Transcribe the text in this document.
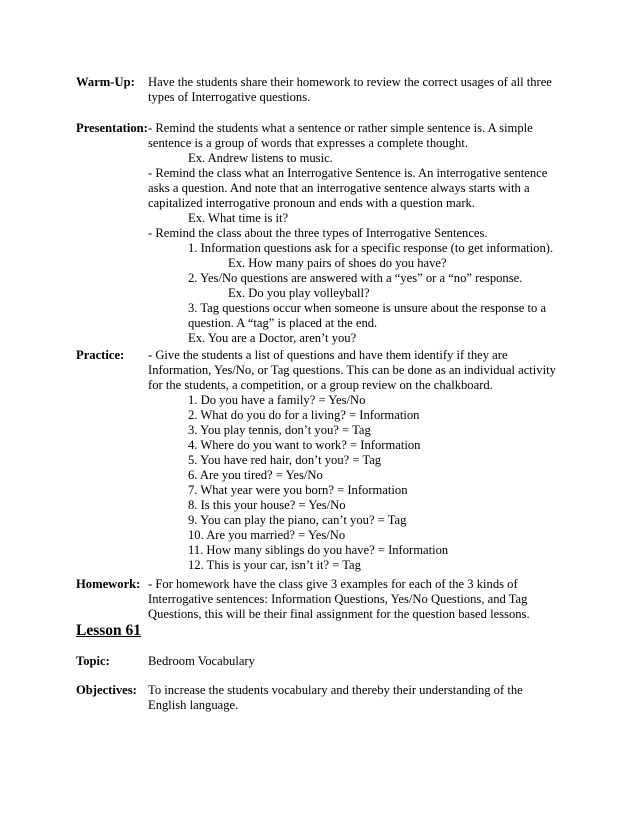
Warm-Up: Have the students share their homework to review the correct usages of all three
types of Interrogative questions.
Presentation: - Remind the students what a sentence or rather simple sentence is. A simple
sentence is a group of words that expresses a complete thought.
Ex. Andrew listens to music.
- Remind the class what an Interrogative Sentence is. An interrogative sentence
asks a question. And note that an interrogative sentence always starts with a
capitalized interrogative pronoun and ends with a question mark.
Ex. What time is it?
- Remind the class about the three types of Interrogative Sentences.
1. Information questions ask for a specific response (to get information).
Ex. How many pairs of shoes do you have?
2. Yes/No questions are answered with a “yes” or a “no” response.
Ex. Do you play volleyball?
3. Tag questions occur when someone is unsure about the response to a
question. A “tag” is placed at the end.
Ex. You are a Doctor, aren’t you?
Practice: - Give the students a list of questions and have them identify if they are
Information, Yes/No, or Tag questions. This can be done as an individual activity
for the students, a competition, or a group review on the chalkboard.
1. Do you have a family? = Yes/No
2. What do you do for a living? = Information
3. You play tennis, don’t you? = Tag
4. Where do you want to work? = Information
5. You have red hair, don’t you? = Tag
6. Are you tired? = Yes/No
7. What year were you born? = Information
8. Is this your house? = Yes/No
9. You can play the piano, can’t you? = Tag
10. Are you married? = Yes/No
11. How many siblings do you have? = Information
12. This is your car, isn’t it? = Tag
Homework: - For homework have the class give 3 examples for each of the 3 kinds of
Interrogative sentences: Information Questions, Yes/No Questions, and Tag
Questions, this will be their final assignment for the question based lessons.
Lesson 61
Topic:	Bedroom Vocabulary
Objectives: To increase the students vocabulary and thereby their understanding of the
English language.
